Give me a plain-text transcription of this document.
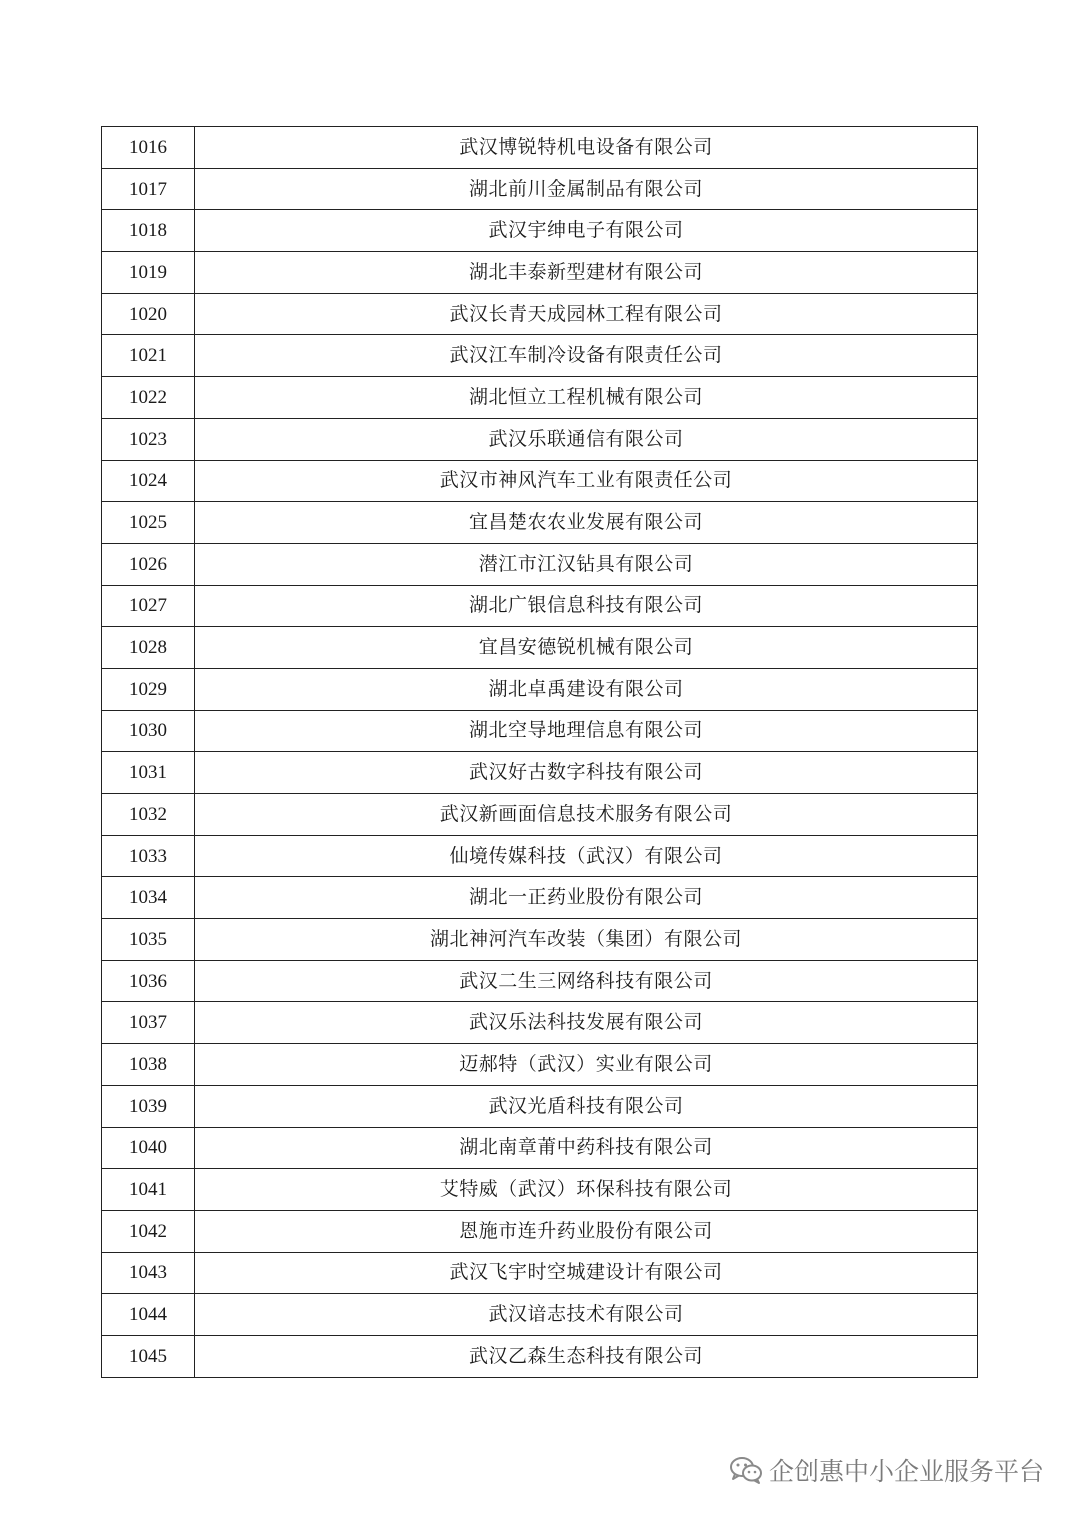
1016	武汉博锐特机电设备有限公司
1017	湖北前川金属制品有限公司
1018	武汉宇绅电子有限公司
1019	湖北丰泰新型建材有限公司
1020	武汉长青天成园林工程有限公司
1021	武汉江车制冷设备有限责任公司
1022	湖北恒立工程机械有限公司
1023	武汉乐联通信有限公司
1024	武汉市神风汽车工业有限责任公司
1025	宜昌楚农农业发展有限公司
1026	潜江市江汉钻具有限公司
1027	湖北广银信息科技有限公司
1028	宜昌安德锐机械有限公司
1029	湖北卓禹建设有限公司
1030	湖北空导地理信息有限公司
1031	武汉好古数字科技有限公司
1032	武汉新画面信息技术服务有限公司
1033	仙境传媒科技（武汉）有限公司
1034	湖北一正药业股份有限公司
1035	湖北神河汽车改装（集团）有限公司
1036	武汉二生三网络科技有限公司
1037	武汉乐法科技发展有限公司
1038	迈郝特（武汉）实业有限公司
1039	武汉光盾科技有限公司
1040	湖北南章莆中药科技有限公司
1041	艾特威（武汉）环保科技有限公司
1042	恩施市连升药业股份有限公司
1043	武汉飞宇时空城建设计有限公司
1044	武汉谙志技术有限公司
1045	武汉乙森生态科技有限公司
企创惠中小企业服务平台
